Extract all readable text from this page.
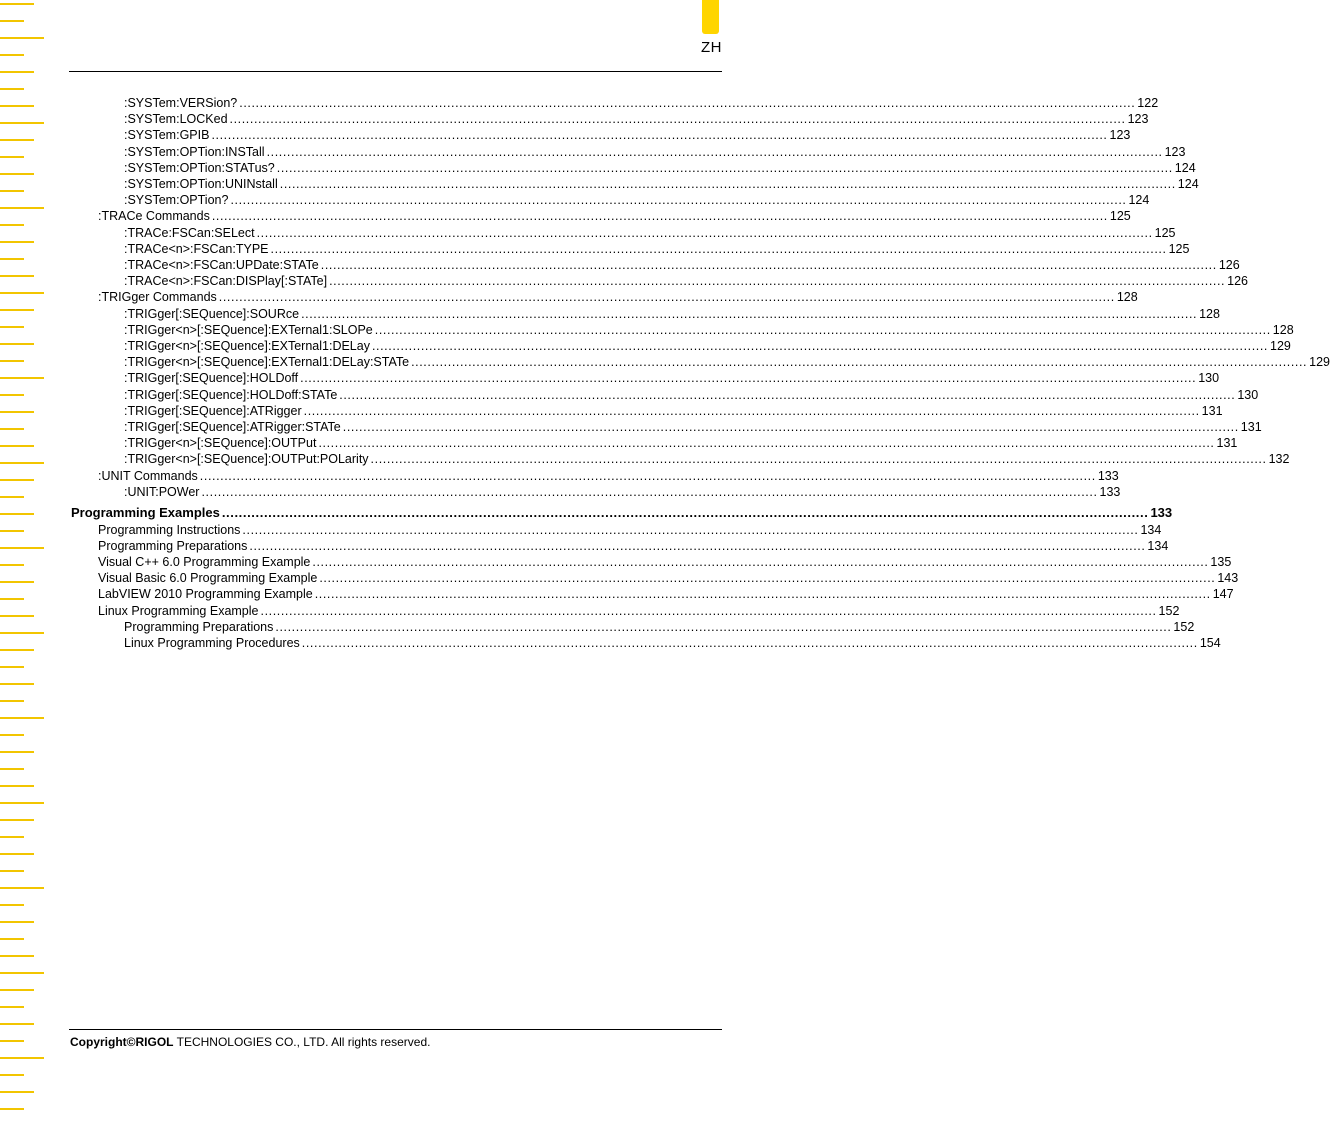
ZH
:SYSTem:VERSion? ............................................................................................................................................................................................................................ 122
:SYSTem:LOCKed ............................................................................................................................................................................................................................ 123
:SYSTem:GPIB ............................................................................................................................................................................................................................ 123
:SYSTem:OPTion:INSTall ............................................................................................................................................................................................................................ 123
:SYSTem:OPTion:STATus? ............................................................................................................................................................................................................................ 124
:SYSTem:OPTion:UNINstall ............................................................................................................................................................................................................................ 124
:SYSTem:OPTion? ............................................................................................................................................................................................................................ 124
:TRACe Commands ............................................................................................................................................................................................................................ 125
:TRACe:FSCan:SELect ............................................................................................................................................................................................................................ 125
:TRACe<n>:FSCan:TYPE ............................................................................................................................................................................................................................ 125
:TRACe<n>:FSCan:UPDate:STATe ............................................................................................................................................................................................................................ 126
:TRACe<n>:FSCan:DISPlay[:STATe] ............................................................................................................................................................................................................................ 126
:TRIGger Commands ............................................................................................................................................................................................................................ 128
:TRIGger[:SEQuence]:SOURce ............................................................................................................................................................................................................................ 128
:TRIGger<n>[:SEQuence]:EXTernal1:SLOPe ............................................................................................................................................................................................................................ 128
:TRIGger<n>[:SEQuence]:EXTernal1:DELay ............................................................................................................................................................................................................................ 129
:TRIGger<n>[:SEQuence]:EXTernal1:DELay:STATe ............................................................................................................................................................................................................................ 129
:TRIGger[:SEQuence]:HOLDoff ............................................................................................................................................................................................................................ 130
:TRIGger[:SEQuence]:HOLDoff:STATe ............................................................................................................................................................................................................................ 130
:TRIGger[:SEQuence]:ATRigger ............................................................................................................................................................................................................................ 131
:TRIGger[:SEQuence]:ATRigger:STATe ............................................................................................................................................................................................................................ 131
:TRIGger<n>[:SEQuence]:OUTPut ............................................................................................................................................................................................................................ 131
:TRIGger<n>[:SEQuence]:OUTPut:POLarity ............................................................................................................................................................................................................................ 132
:UNIT Commands ............................................................................................................................................................................................................................ 133
:UNIT:POWer ............................................................................................................................................................................................................................ 133
Programming Examples ............................................................................................................................................................................................................................ 133
Programming Instructions ............................................................................................................................................................................................................................ 134
Programming Preparations ............................................................................................................................................................................................................................ 134
Visual C++ 6.0 Programming Example ............................................................................................................................................................................................................................ 135
Visual Basic 6.0 Programming Example ............................................................................................................................................................................................................................ 143
LabVIEW 2010 Programming Example ............................................................................................................................................................................................................................ 147
Linux Programming Example ............................................................................................................................................................................................................................ 152
Programming Preparations ............................................................................................................................................................................................................................ 152
Linux Programming Procedures ............................................................................................................................................................................................................................ 154
Copyright©RIGOL TECHNOLOGIES CO., LTD. All rights reserved.
